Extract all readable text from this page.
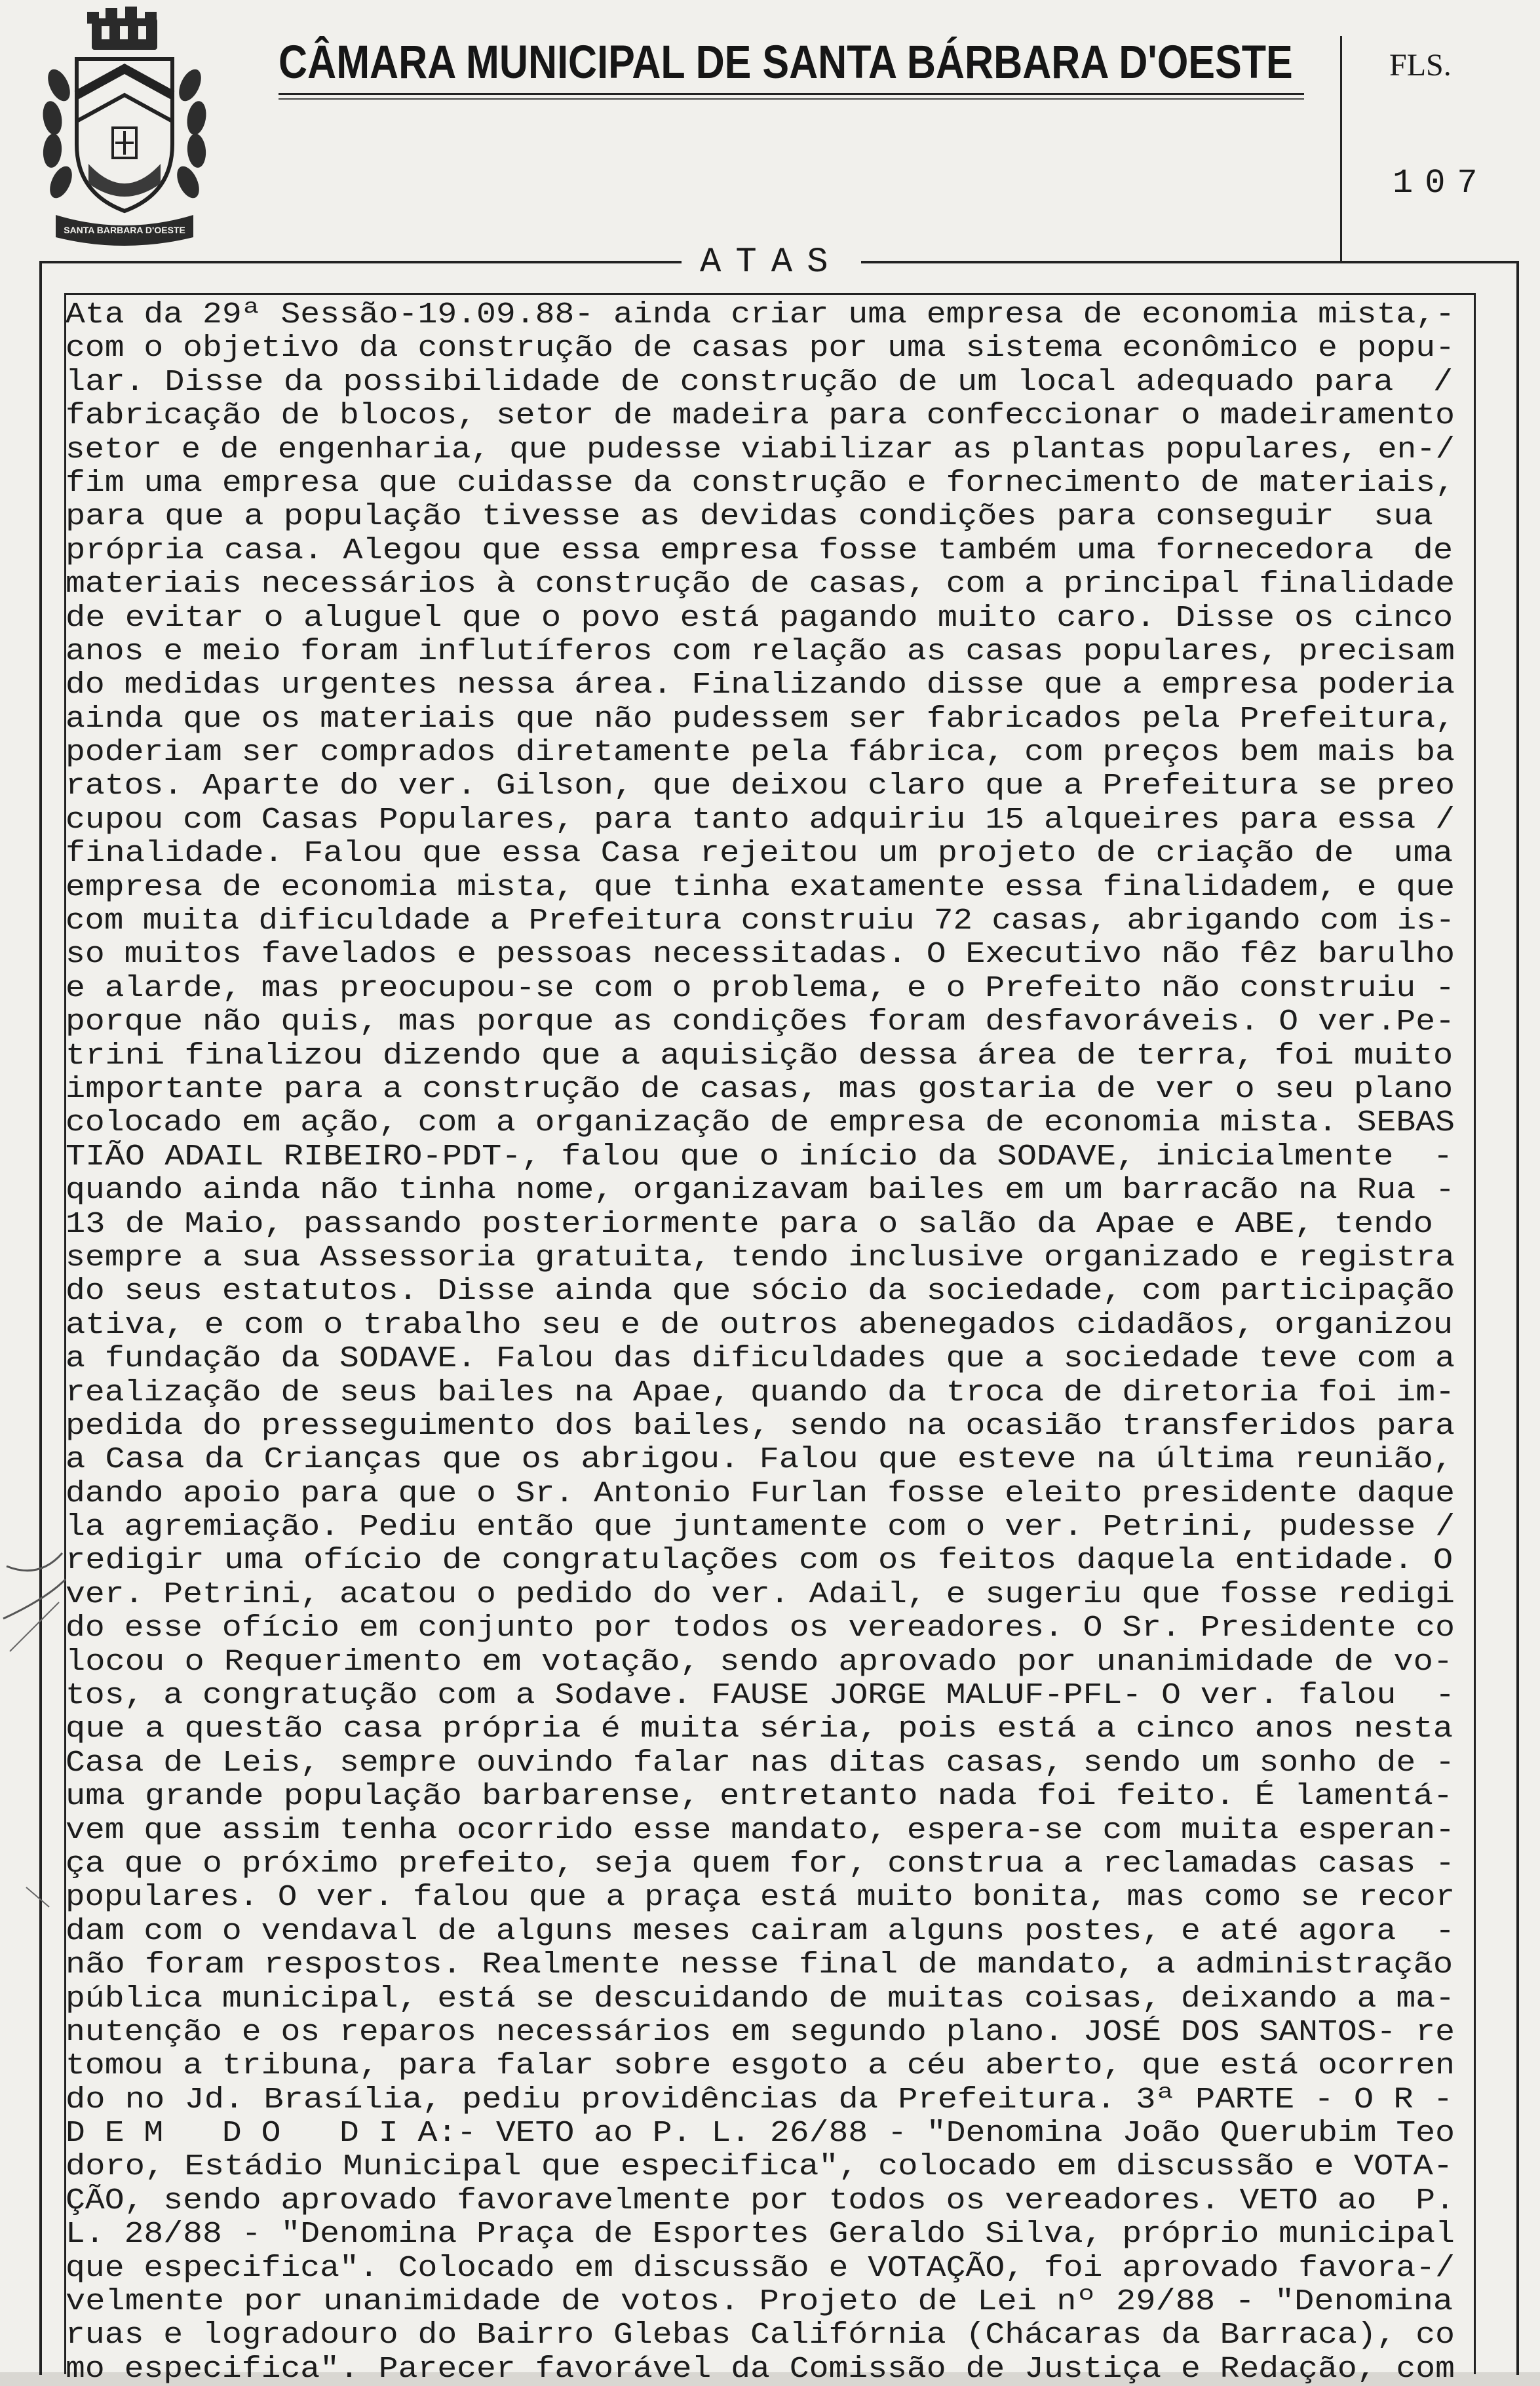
SANTA BARBARA D'OESTE
CÂMARA MUNICIPAL DE SANTA BÁRBARA D'OESTE	FLS.
107
ATAS
Ata da 29ª Sessão-19.09.88- ainda criar uma empresa de economia mista,-
com o objetivo da construção de casas por uma sistema econômico e popu-
lar. Disse da possibilidade de construção de um local adequado para  /
fabricação de blocos, setor de madeira para confeccionar o madeiramento
setor e de engenharia, que pudesse viabilizar as plantas populares, en-/
fim uma empresa que cuidasse da construção e fornecimento de materiais,
para que a população tivesse as devidas condições para conseguir  sua
própria casa. Alegou que essa empresa fosse também uma fornecedora  de
materiais necessários à construção de casas, com a principal finalidade
de evitar o aluguel que o povo está pagando muito caro. Disse os cinco
anos e meio foram influtíferos com relação as casas populares, precisam
do medidas urgentes nessa área. Finalizando disse que a empresa poderia
ainda que os materiais que não pudessem ser fabricados pela Prefeitura,
poderiam ser comprados diretamente pela fábrica, com preços bem mais ba
ratos. Aparte do ver. Gilson, que deixou claro que a Prefeitura se preo
cupou com Casas Populares, para tanto adquiriu 15 alqueires para essa /
finalidade. Falou que essa Casa rejeitou um projeto de criação de  uma
empresa de economia mista, que tinha exatamente essa finalidadem, e que
com muita dificuldade a Prefeitura construiu 72 casas, abrigando com is-
so muitos favelados e pessoas necessitadas. O Executivo não fêz barulho
e alarde, mas preocupou-se com o problema, e o Prefeito não construiu -
porque não quis, mas porque as condições foram desfavoráveis. O ver.Pe-
trini finalizou dizendo que a aquisição dessa área de terra, foi muito
importante para a construção de casas, mas gostaria de ver o seu plano
colocado em ação, com a organização de empresa de economia mista. SEBAS
TIÃO ADAIL RIBEIRO-PDT-, falou que o início da SODAVE, inicialmente  -
quando ainda não tinha nome, organizavam bailes em um barracão na Rua -
13 de Maio, passando posteriormente para o salão da Apae e ABE, tendo
sempre a sua Assessoria gratuita, tendo inclusive organizado e registra
do seus estatutos. Disse ainda que sócio da sociedade, com participação
ativa, e com o trabalho seu e de outros abenegados cidadãos, organizou
a fundação da SODAVE. Falou das dificuldades que a sociedade teve com a
realização de seus bailes na Apae, quando da troca de diretoria foi im-
pedida do presseguimento dos bailes, sendo na ocasião transferidos para
a Casa da Crianças que os abrigou. Falou que esteve na última reunião,
dando apoio para que o Sr. Antonio Furlan fosse eleito presidente daque
la agremiação. Pediu então que juntamente com o ver. Petrini, pudesse /
redigir uma ofício de congratulações com os feitos daquela entidade. O
ver. Petrini, acatou o pedido do ver. Adail, e sugeriu que fosse redigi
do esse ofício em conjunto por todos os vereadores. O Sr. Presidente co
locou o Requerimento em votação, sendo aprovado por unanimidade de vo-
tos, a congratução com a Sodave. FAUSE JORGE MALUF-PFL- O ver. falou  -
que a questão casa própria é muita séria, pois está a cinco anos nesta
Casa de Leis, sempre ouvindo falar nas ditas casas, sendo um sonho de -
uma grande população barbarense, entretanto nada foi feito. É lamentá-
vem que assim tenha ocorrido esse mandato, espera-se com muita esperan-
ça que o próximo prefeito, seja quem for, construa a reclamadas casas -
populares. O ver. falou que a praça está muito bonita, mas como se recor
dam com o vendaval de alguns meses cairam alguns postes, e até agora  -
não foram respostos. Realmente nesse final de mandato, a administração
pública municipal, está se descuidando de muitas coisas, deixando a ma-
nutenção e os reparos necessários em segundo plano. JOSÉ DOS SANTOS- re
tomou a tribuna, para falar sobre esgoto a céu aberto, que está ocorren
do no Jd. Brasília, pediu providências da Prefeitura. 3ª PARTE - O R -
D E M   D O   D I A:- VETO ao P. L. 26/88 - "Denomina João Querubim Teo
doro, Estádio Municipal que especifica", colocado em discussão e VOTA-
ÇÃO, sendo aprovado favoravelmente por todos os vereadores. VETO ao  P.
L. 28/88 - "Denomina Praça de Esportes Geraldo Silva, próprio municipal
que especifica". Colocado em discussão e VOTAÇÃO, foi aprovado favora-/
velmente por unanimidade de votos. Projeto de Lei nº 29/88 - "Denomina
ruas e logradouro do Bairro Glebas Califórnia (Chácaras da Barraca), co
mo especifica". Parecer favorável da Comissão de Justiça e Redação, com
